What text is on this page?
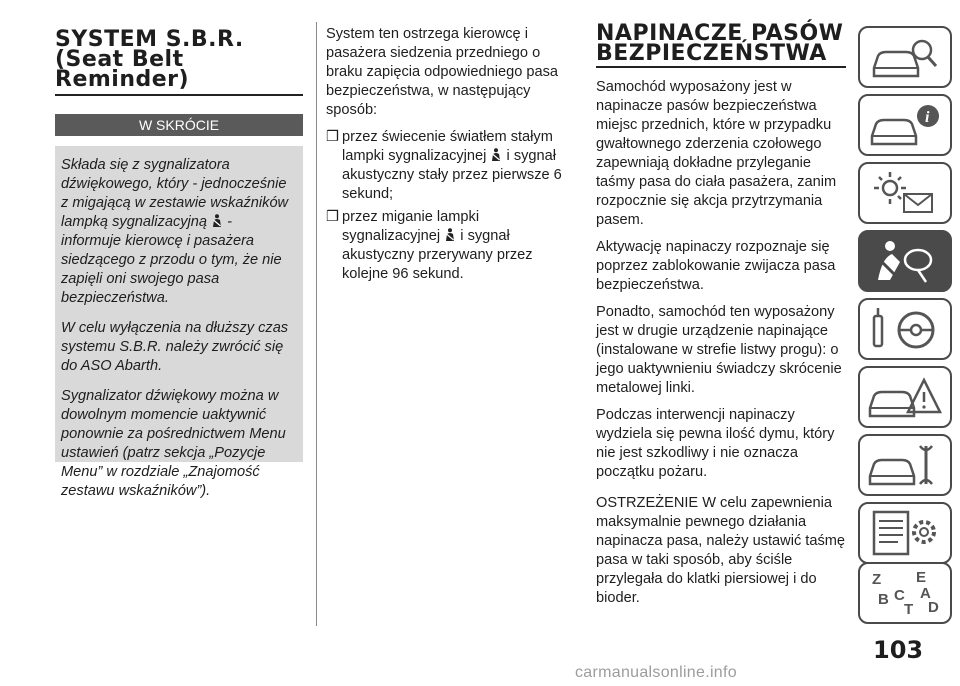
SYSTEM S.B.R.
(Seat Belt
Reminder)
W SKRÓCIE

Składa się z sygnalizatora dźwiękowego, który - jednocześnie z migającą w zestawie wskaźników lampką sygnalizacyjną - informuje kierowcę i pasażera siedzącego z przodu o tym, że nie zapięli oni swojego pasa bezpieczeństwa.

W celu wyłączenia na dłuższy czas systemu S.B.R. należy zwrócić się do ASO Abarth.

Sygnalizator dźwiękowy można w dowolnym momencie uaktywnić ponownie za pośrednictwem Menu ustawień (patrz sekcja „Pozycje Menu” w rozdziale „Znajomość zestawu wskaźników”).

System ten ostrzega kierowcę i pasażera siedzenia przedniego o braku zapięcia odpowiedniego pasa bezpieczeństwa, w następujący sposób:

❒ przez świecenie światłem stałym lampki sygnalizacyjnej i sygnał akustyczny stały przez pierwsze 6 sekund;
❒ przez miganie lampki sygnalizacyjnej i sygnał akustyczny przerywany przez kolejne 96 sekund.
NAPINACZE PASÓW
BEZPIECZEŃSTWA

Samochód wyposażony jest w napinacze pasów bezpieczeństwa miejsc przednich, które w przypadku gwałtownego zderzenia czołowego zapewniają dokładne przyleganie taśmy pasa do ciała pasażera, zanim rozpocznie się akcja przytrzymania pasem.

Aktywację napinaczy rozpoznaje się poprzez zablokowanie zwijacza pasa bezpieczeństwa.

Ponadto, samochód ten wyposażony jest w drugie urządzenie napinające (instalowane w strefie listwy progu): o jego uaktywnieniu świadczy skrócenie metalowej linki.

Podczas interwencji napinaczy wydziela się pewna ilość dymu, który nie jest szkodliwy i nie oznacza początku pożaru.

OSTRZEŻENIE W celu zapewnienia maksymalnie pewnego działania napinacza pasa, należy ustawić taśmę pasa w taki sposób, aby ściśle przylegała do klatki piersiowej i do bioder.

i
Z E
A
B C
T D
103
carmanualsonline.info
